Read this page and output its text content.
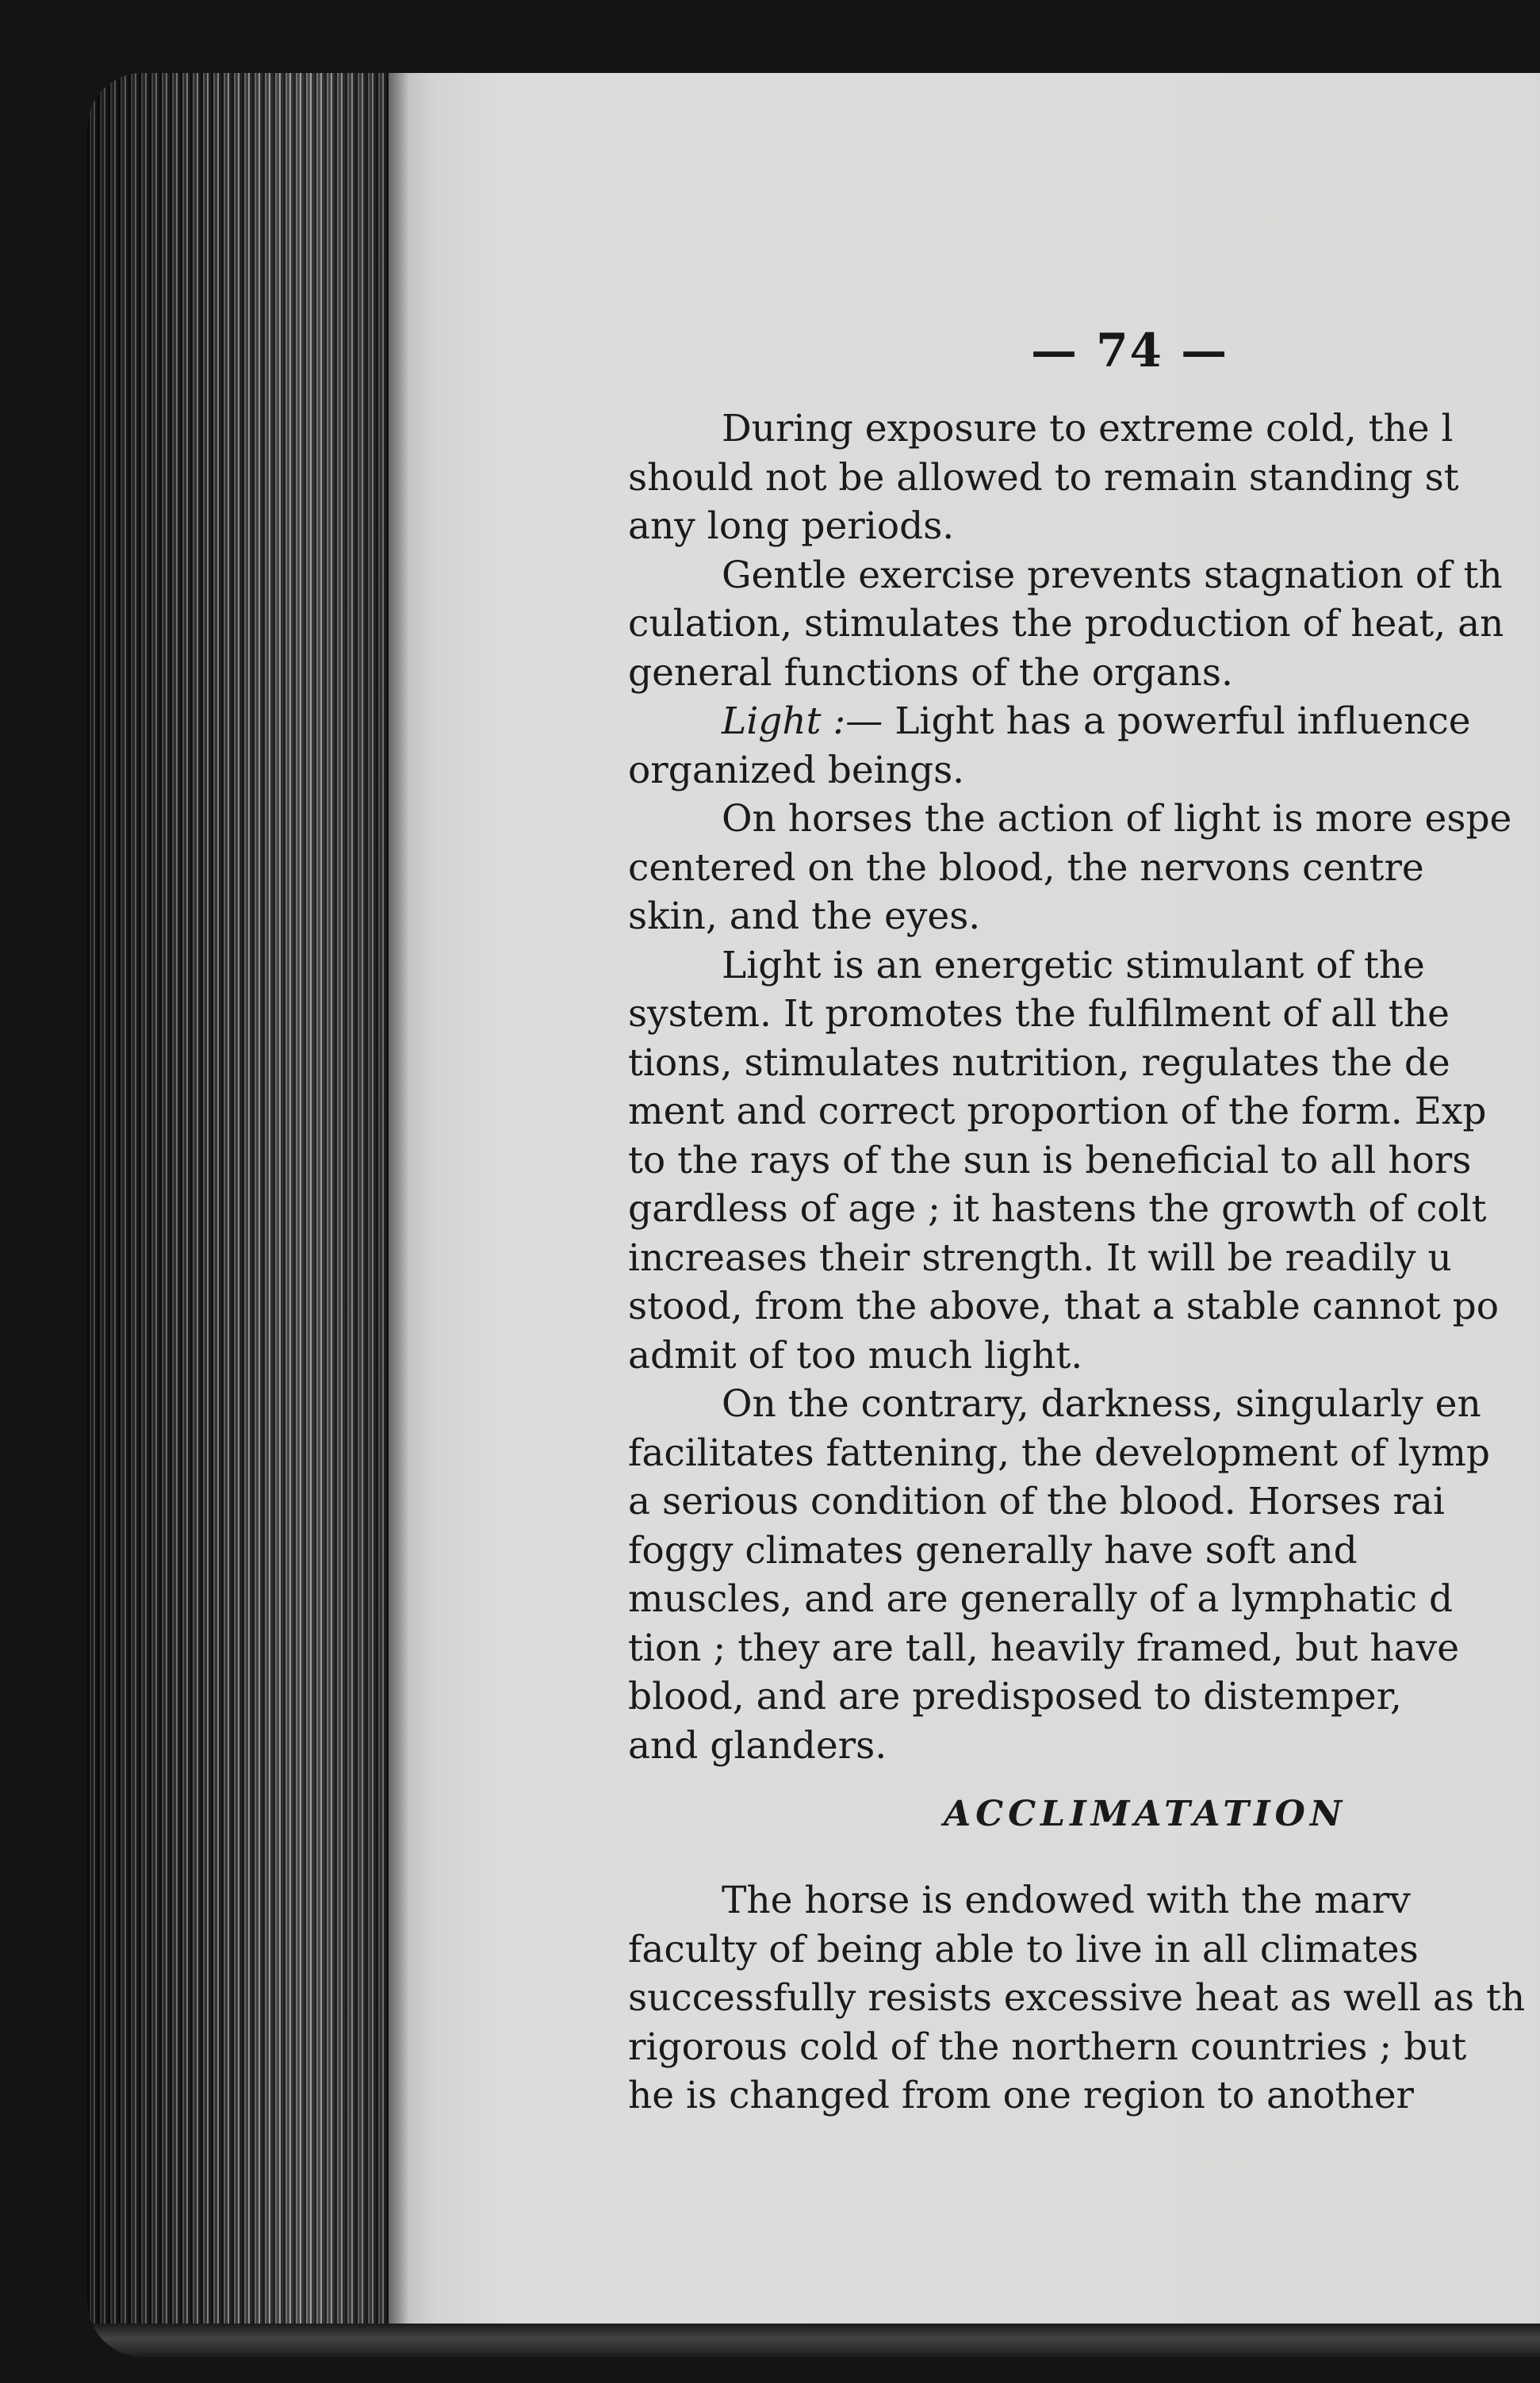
— 74 —
During exposure to extreme cold, the l
should not be allowed to remain standing st
any long periods.
Gentle exercise prevents stagnation of th
culation, stimulates the production of heat, an
general functions of the organs.
Light :— Light has a powerful influence
organized beings.
On horses the action of light is more espe
centered on the blood, the nervons centre
skin, and the eyes.
Light is an energetic stimulant of the
system. It promotes the fulfilment of all the
tions, stimulates nutrition, regulates the de
ment and correct proportion of the form. Exp
to the rays of the sun is beneficial to all hors
gardless of age ; it hastens the growth of colt
increases their strength. It will be readily u
stood, from the above, that a stable cannot po
admit of too much light.
On the contrary, darkness, singularly en
facilitates fattening, the development of lymp
a serious condition of the blood. Horses rai
foggy climates generally have soft and
muscles, and are generally of a lymphatic d
tion ; they are tall, heavily framed, but have
blood, and are predisposed to distemper,
and glanders.
ACCLIMATATION
The horse is endowed with the marv
faculty of being able to live in all climates
successfully resists excessive heat as well as th
rigorous cold of the northern countries ; but
he is changed from one region to another
